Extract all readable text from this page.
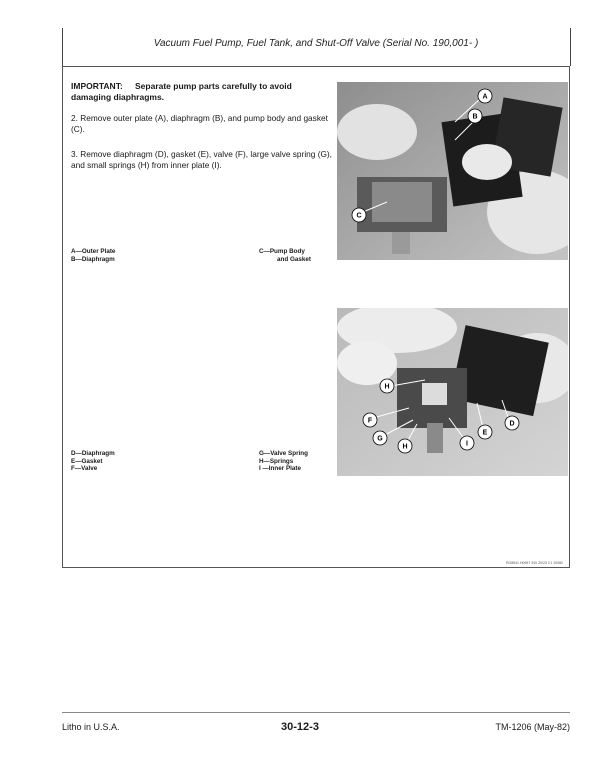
Vacuum Fuel Pump, Fuel Tank, and Shut-Off Valve (Serial No. 190,001- )
IMPORTANT: Separate pump parts carefully to avoid damaging diaphragms.
2. Remove outer plate (A), diaphragm (B), and pump body and gasket (C).
3. Remove diaphragm (D), gasket (E), valve (F), large valve spring (G), and small springs (H) from inner plate (I).
A—Outer Plate
B—Diaphragm
C—Pump Body
and Gasket
D—Diaphragm
E—Gasket
F—Valve
G—Valve Spring
H—Springs
I —Inner Plate
A
B
C
H
F
G
H	I
E
D
RG8541 H0957 200 20/23 C1 10082
Litho in U.S.A.	30-12-3	TM-1206 (May-82)
